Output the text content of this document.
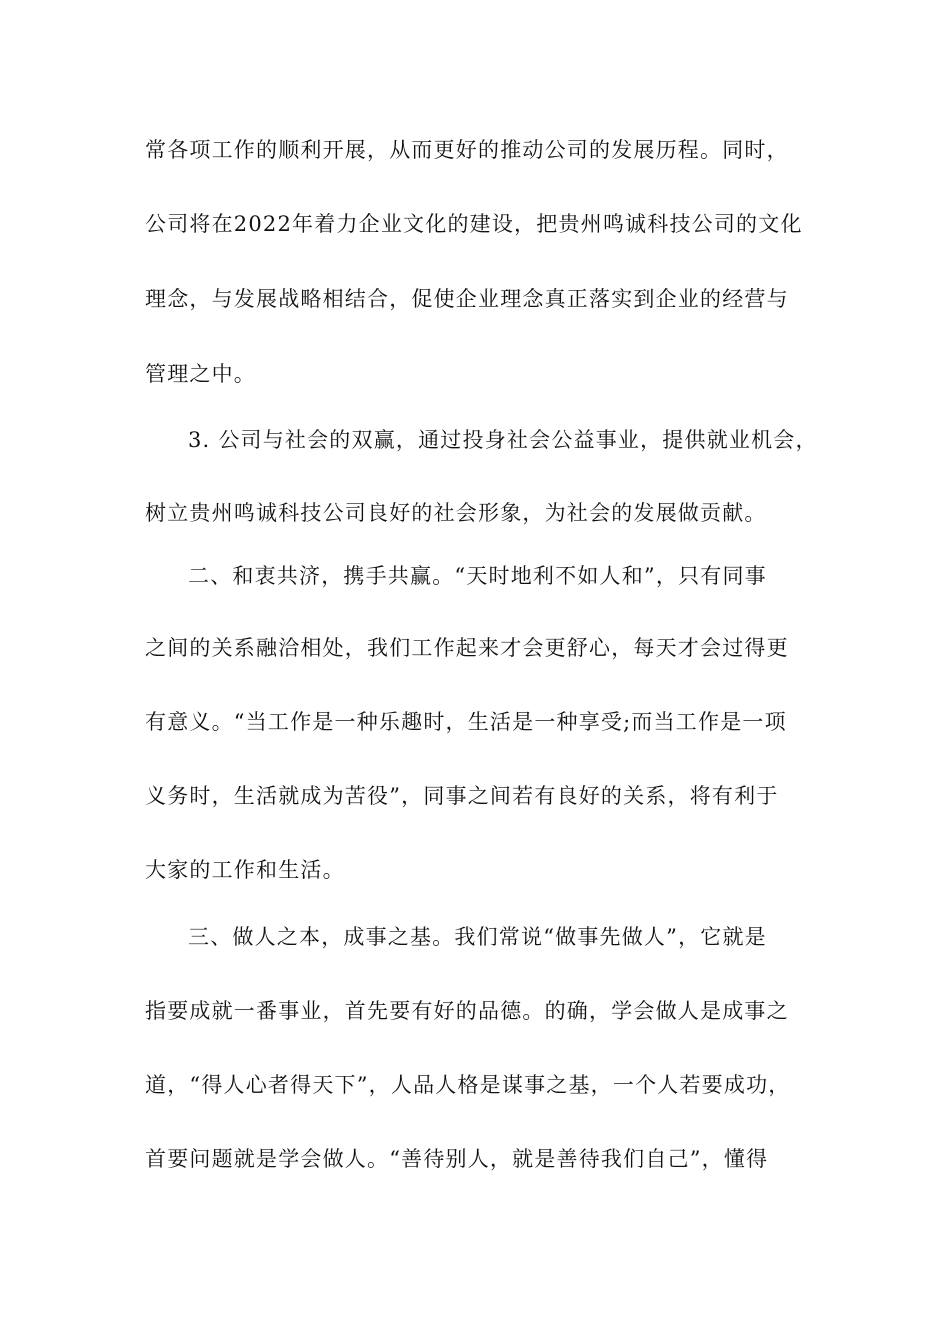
常各项工作的顺利开展，从而更好的推动公司的发展历程。同时，
公司将在2022年着力企业文化的建设，把贵州鸣诚科技公司的文化
理念，与发展战略相结合，促使企业理念真正落实到企业的经营与
管理之中。
3. 公司与社会的双赢，通过投身社会公益事业，提供就业机会，
树立贵州鸣诚科技公司良好的社会形象，为社会的发展做贡献。
二、和衷共济，携手共赢。“天时地利不如人和”，只有同事
之间的关系融洽相处，我们工作起来才会更舒心，每天才会过得更
有意义。“当工作是一种乐趣时，生活是一种享受;而当工作是一项
义务时，生活就成为苦役”，同事之间若有良好的关系，将有利于
大家的工作和生活。
三、做人之本，成事之基。我们常说“做事先做人”，它就是
指要成就一番事业，首先要有好的品德。的确，学会做人是成事之
道，“得人心者得天下”，人品人格是谋事之基，一个人若要成功，
首要问题就是学会做人。“善待别人，就是善待我们自己”，懂得
